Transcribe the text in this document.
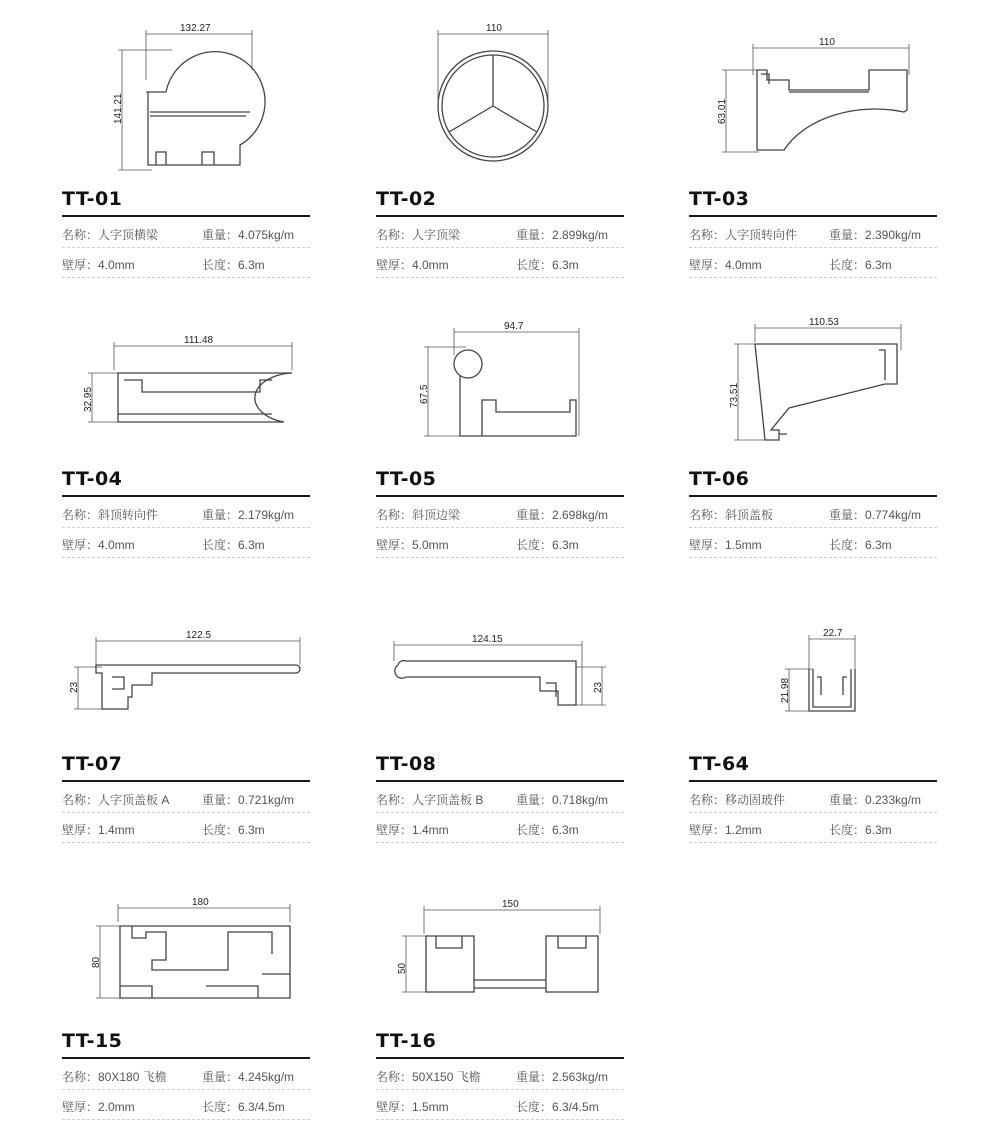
132.27
141.21
TT-01
名称：人字顶横梁	重量：4.075kg/m
壁厚：4.0mm	长度：6.3m
110
TT-02
名称：人字顶梁	重量：2.899kg/m
壁厚：4.0mm	长度：6.3m
110
63.01
TT-03
名称：人字顶转向件	重量：2.390kg/m
壁厚：4.0mm	长度：6.3m
111.48
32.95
TT-04
名称：斜顶转向件	重量：2.179kg/m
壁厚：4.0mm	长度：6.3m
94.7
67.5
TT-05
名称：斜顶边梁	重量：2.698kg/m
壁厚：5.0mm	长度：6.3m
110.53
73.51
TT-06
名称：斜顶盖板	重量：0.774kg/m
壁厚：1.5mm	长度：6.3m
122.5
23
TT-07
名称：人字顶盖板 A	重量：0.721kg/m
壁厚：1.4mm	长度：6.3m
124.15
23
TT-08
名称：人字顶盖板 B	重量：0.718kg/m
壁厚：1.4mm	长度：6.3m
22.7
21.98
TT-64
名称：移动固玻件	重量：0.233kg/m
壁厚：1.2mm	长度：6.3m
180
80
TT-15
名称：80X180 飞檐	重量：4.245kg/m
壁厚：2.0mm	长度：6.3/4.5m
150
50
TT-16
名称：50X150 飞檐	重量：2.563kg/m
壁厚：1.5mm	长度：6.3/4.5m
